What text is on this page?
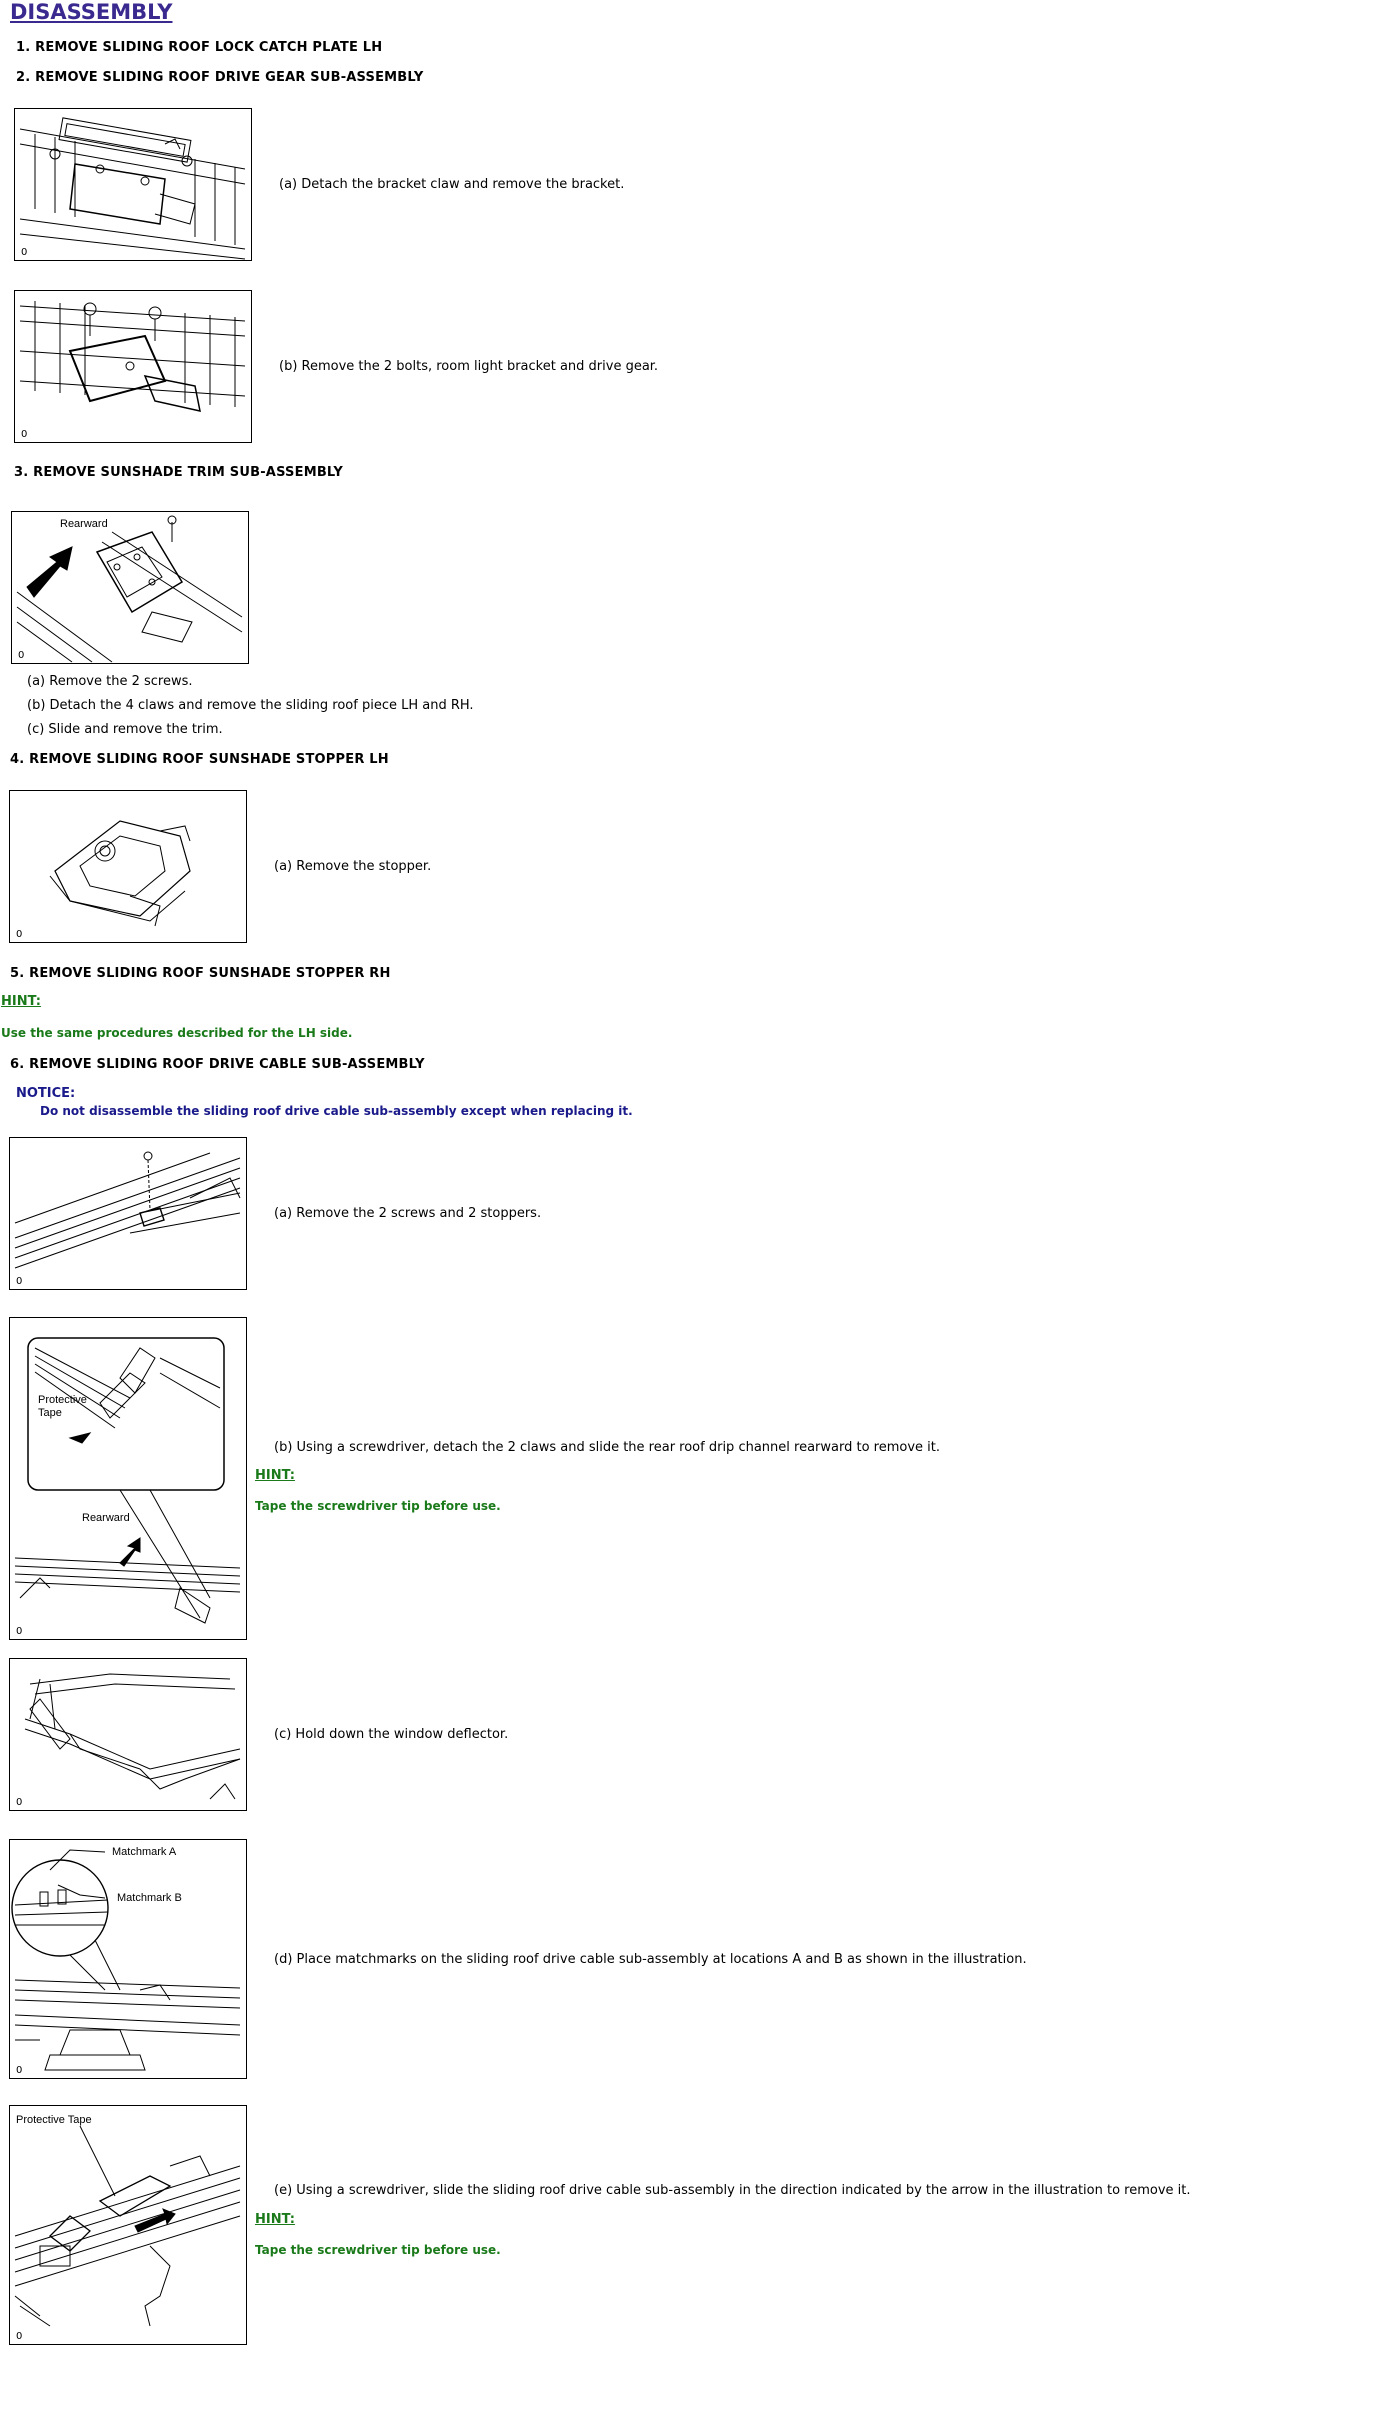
DISASSEMBLY
1. REMOVE SLIDING ROOF LOCK CATCH PLATE LH
2. REMOVE SLIDING ROOF DRIVE GEAR SUB-ASSEMBLY
0
(a) Detach the bracket claw and remove the bracket.
0
(b) Remove the 2 bolts, room light bracket and drive gear.
3. REMOVE SUNSHADE TRIM SUB-ASSEMBLY
Rearward
0
(a) Remove the 2 screws.
(b) Detach the 4 claws and remove the sliding roof piece LH and RH.
(c) Slide and remove the trim.
4. REMOVE SLIDING ROOF SUNSHADE STOPPER LH
0
(a) Remove the stopper.
5. REMOVE SLIDING ROOF SUNSHADE STOPPER RH
HINT:
Use the same procedures described for the LH side.
6. REMOVE SLIDING ROOF DRIVE CABLE SUB-ASSEMBLY
NOTICE:
Do not disassemble the sliding roof drive cable sub-assembly except when replacing it.
0
(a) Remove the 2 screws and 2 stoppers.
Protective
Tape
Rearward
0
(b) Using a screwdriver, detach the 2 claws and slide the rear roof drip channel rearward to remove it.
HINT:
Tape the screwdriver tip before use.
0
(c) Hold down the window deflector.
Matchmark A
Matchmark B
0
(d) Place matchmarks on the sliding roof drive cable sub-assembly at locations A and B as shown in the illustration.
Protective Tape
0
(e) Using a screwdriver, slide the sliding roof drive cable sub-assembly in the direction indicated by the arrow in the illustration to remove it.
HINT:
Tape the screwdriver tip before use.
